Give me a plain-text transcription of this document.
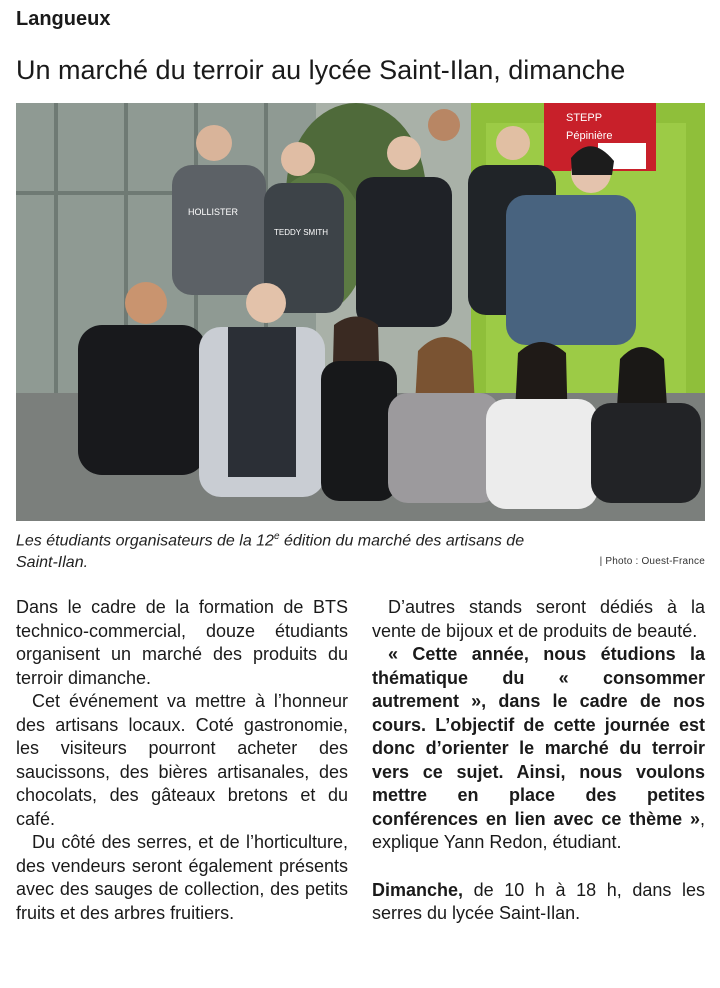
Langueux
Un marché du terroir au lycée Saint-Ilan, dimanche
STEPP
Pépinière
HOLLISTER
TEDDY SMITH
Les étudiants organisateurs de la 12e édition du marché des artisans de Saint-Ilan.	| Photo : Ouest-France

Dans le cadre de la formation de BTS technico-commercial, douze étudiants organisent un marché des produits du terroir dimanche.

Cet événement va mettre à l’honneur des artisans locaux. Coté gastronomie, les visiteurs pourront acheter des saucissons, des bières artisanales, des chocolats, des gâteaux bretons et du café.

Du côté des serres, et de l’horticulture, des vendeurs seront également présents avec des sauges de collection, des petits fruits et des arbres fruitiers.

D’autres stands seront dédiés à la vente de bijoux et de produits de beauté.

« Cette année, nous étudions la thématique du « consommer autrement », dans le cadre de nos cours. L’objectif de cette journée est donc d’orienter le marché du terroir vers ce sujet. Ainsi, nous voulons mettre en place des petites conférences en lien avec ce thème », explique Yann Redon, étudiant.

Dimanche, de 10 h à 18 h, dans les serres du lycée Saint-Ilan.
